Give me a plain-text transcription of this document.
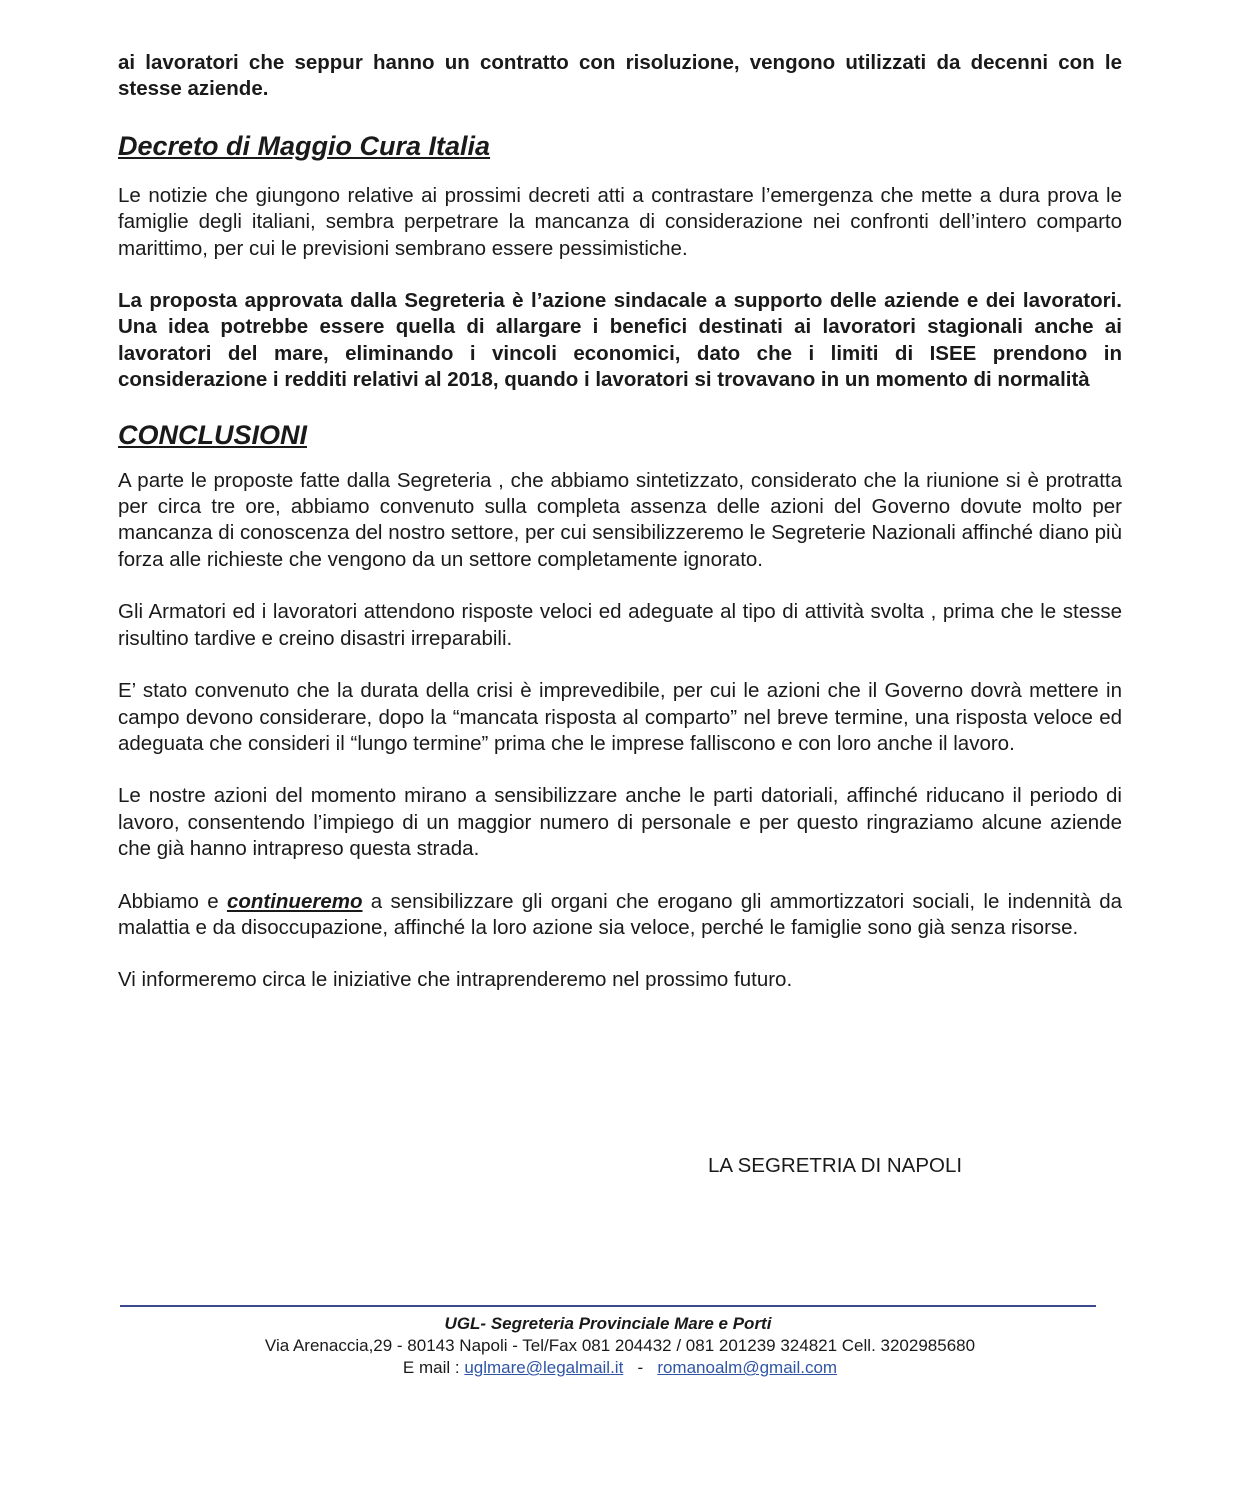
ai lavoratori che seppur hanno un contratto con risoluzione, vengono utilizzati da decenni con le stesse aziende.

Decreto di Maggio Cura Italia

Le notizie che giungono relative ai prossimi decreti atti a contrastare l’emergenza che mette a dura prova le famiglie degli italiani, sembra perpetrare la mancanza di considerazione nei confronti dell’intero comparto marittimo, per cui le previsioni sembrano essere pessimistiche.

La proposta approvata dalla Segreteria è l’azione sindacale a supporto delle aziende e dei lavoratori. Una idea potrebbe essere quella di allargare i benefici destinati ai lavoratori stagionali anche ai lavoratori del mare, eliminando i vincoli economici, dato che i limiti di ISEE prendono in considerazione i redditi relativi al 2018, quando i lavoratori si trovavano in un momento di normalità

CONCLUSIONI

A parte le proposte fatte dalla Segreteria , che abbiamo sintetizzato, considerato che la riunione si è protratta per circa tre ore, abbiamo convenuto sulla completa assenza delle azioni del Governo dovute molto per mancanza di conoscenza del nostro settore, per cui sensibilizzeremo le Segreterie Nazionali affinché diano più forza alle richieste che vengono da un settore completamente ignorato.

Gli Armatori ed i lavoratori attendono risposte veloci ed adeguate al tipo di attività svolta , prima che le stesse risultino tardive e creino disastri irreparabili.

E’ stato convenuto che la durata della crisi è imprevedibile, per cui le azioni che il Governo dovrà mettere in campo devono considerare, dopo la “mancata risposta al comparto” nel breve termine, una risposta veloce ed adeguata che consideri il “lungo termine” prima che le imprese falliscono e con loro anche il lavoro.

Le nostre azioni del momento mirano a sensibilizzare anche le parti datoriali, affinché riducano il periodo di lavoro, consentendo l’impiego di un maggior numero di personale e per questo ringraziamo alcune aziende che già hanno intrapreso questa strada.

Abbiamo e continueremo a sensibilizzare gli organi che erogano gli ammortizzatori sociali, le indennità da malattia e da disoccupazione, affinché la loro azione sia veloce, perché le famiglie sono già senza risorse.

Vi informeremo circa le iniziative che intraprenderemo nel prossimo futuro.

LA SEGRETRIA DI NAPOLI
UGL- Segreteria Provinciale Mare e Porti
Via Arenaccia,29 - 80143 Napoli - Tel/Fax 081 204432 / 081 201239 324821 Cell. 3202985680
E mail : uglmare@legalmail.it   -   romanoalm@gmail.com
